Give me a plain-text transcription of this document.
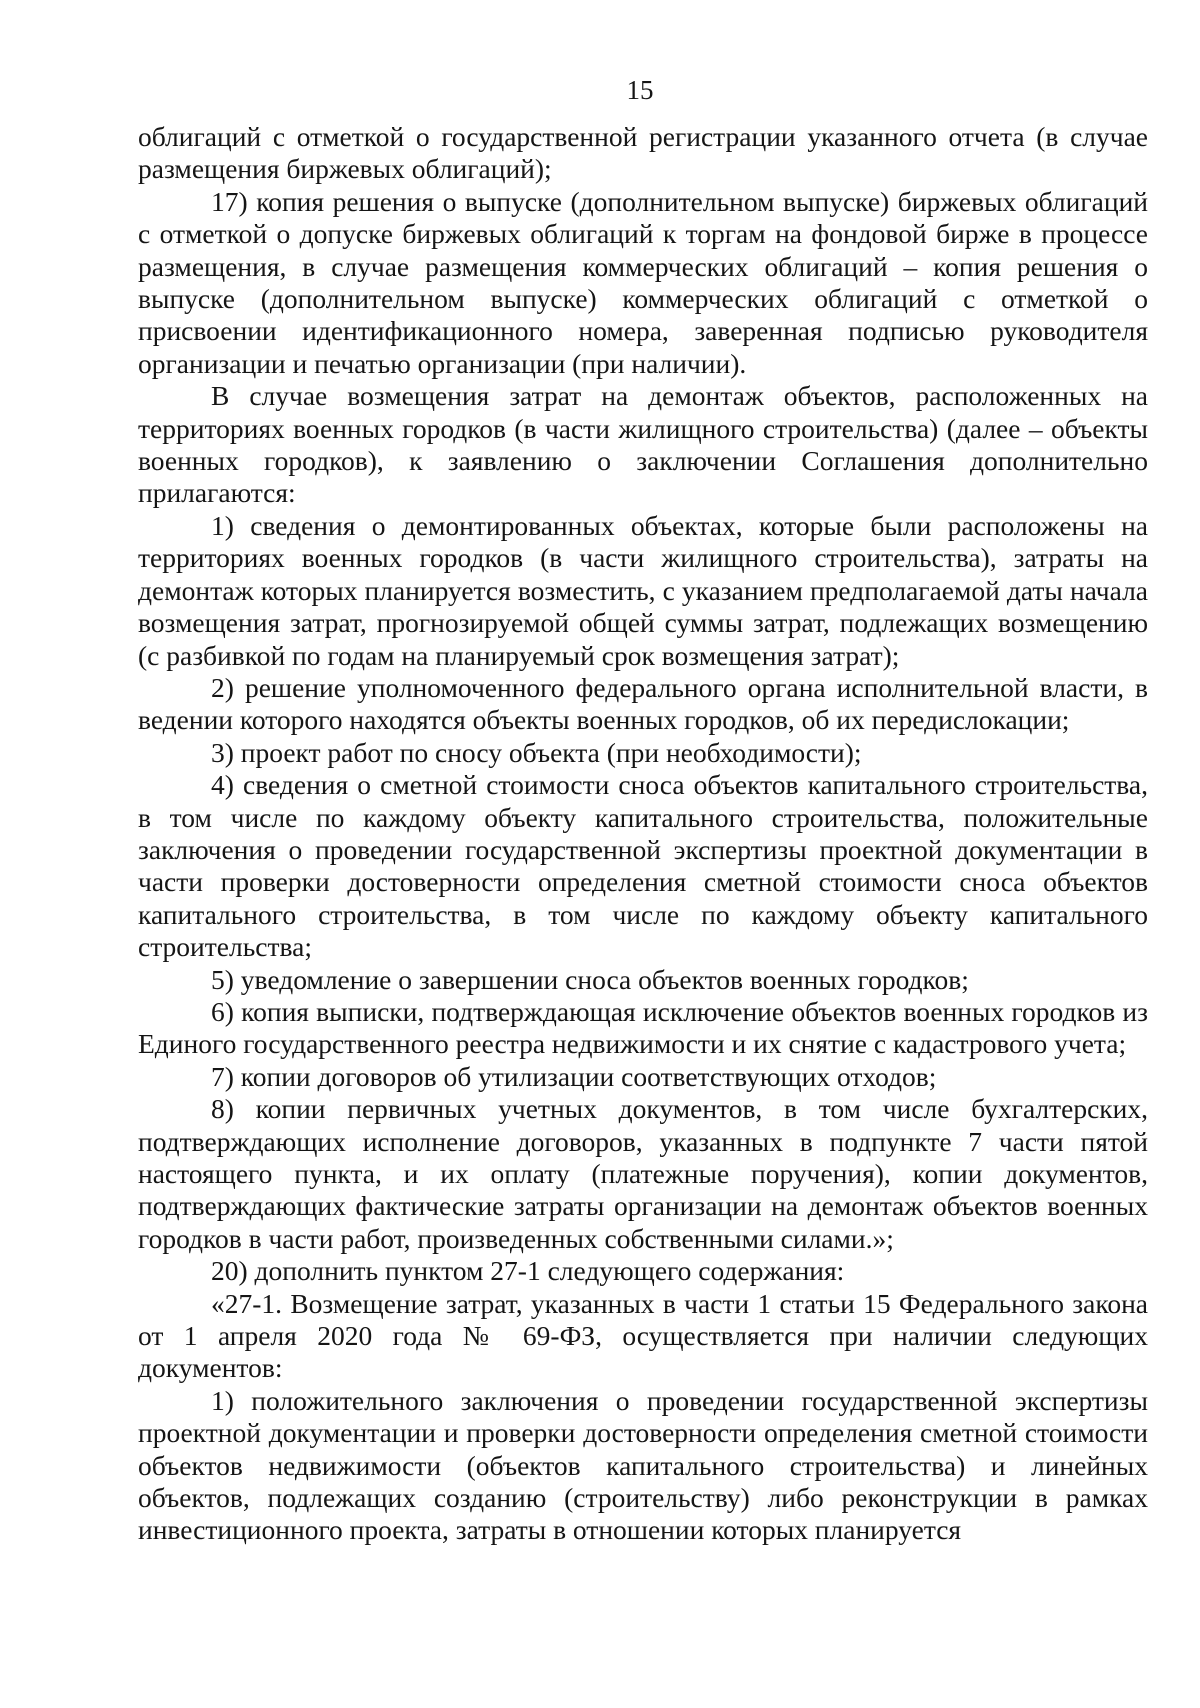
15

облигаций с отметкой о государственной регистрации указанного отчета (в случае размещения биржевых облигаций);

17) копия решения о выпуске (дополнительном выпуске) биржевых облигаций с отметкой о допуске биржевых облигаций к торгам на фондовой бирже в процессе размещения, в случае размещения коммерческих облигаций – копия решения о выпуске (дополнительном выпуске) коммерческих облигаций с отметкой о присвоении идентификационного номера, заверенная подписью руководителя организации и печатью организации (при наличии).

В случае возмещения затрат на демонтаж объектов, расположенных на территориях военных городков (в части жилищного строительства) (далее – объекты военных городков), к заявлению о заключении Соглашения дополнительно прилагаются:

1) сведения о демонтированных объектах, которые были расположены на территориях военных городков (в части жилищного строительства), затраты на демонтаж которых планируется возместить, с указанием предполагаемой даты начала возмещения затрат, прогнозируемой общей суммы затрат, подлежащих возмещению (с разбивкой по годам на планируемый срок возмещения затрат);

2) решение уполномоченного федерального органа исполнительной власти, в ведении которого находятся объекты военных городков, об их передислокации;

3) проект работ по сносу объекта (при необходимости);

4) сведения о сметной стоимости сноса объектов капитального строительства, в том числе по каждому объекту капитального строительства, положительные заключения о проведении государственной экспертизы проектной документации в части проверки достоверности определения сметной стоимости сноса объектов капитального строительства, в том числе по каждому объекту капитального строительства;

5) уведомление о завершении сноса объектов военных городков;

6) копия выписки, подтверждающая исключение объектов военных городков из Единого государственного реестра недвижимости и их снятие с кадастрового учета;

7) копии договоров об утилизации соответствующих отходов;

8) копии первичных учетных документов, в том числе бухгалтерских, подтверждающих исполнение договоров, указанных в подпункте 7 части пятой настоящего пункта, и их оплату (платежные поручения), копии документов, подтверждающих фактические затраты организации на демонтаж объектов военных городков в части работ, произведенных собственными силами.»;

20) дополнить пунктом 27-1 следующего содержания:

«27-1. Возмещение затрат, указанных в части 1 статьи 15 Федерального закона от 1 апреля 2020 года № 69-ФЗ, осуществляется при наличии следующих документов:

1) положительного заключения о проведении государственной экспертизы проектной документации и проверки достоверности определения сметной стоимости объектов недвижимости (объектов капитального строительства) и линейных объектов, подлежащих созданию (строительству) либо реконструкции в рамках инвестиционного проекта, затраты в отношении которых планируется
